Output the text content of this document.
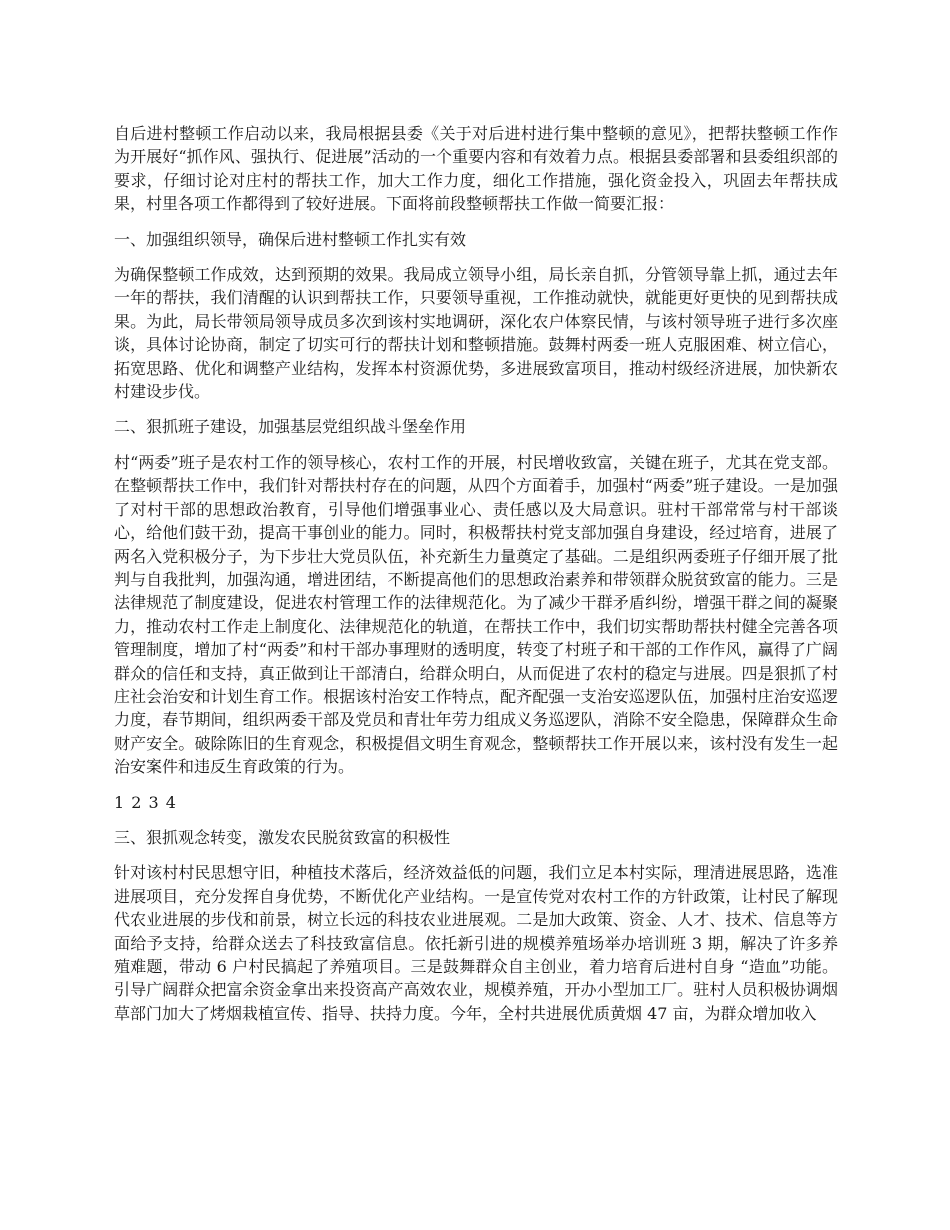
自后进村整顿工作启动以来，我局根据县委《关于对后进村进行集中整顿的意见》，把帮扶整顿工作作为开展好“抓作风、强执行、促进展”活动的一个重要内容和有效着力点。根据县委部署和县委组织部的要求，仔细讨论对庄村的帮扶工作，加大工作力度，细化工作措施，强化资金投入，巩固去年帮扶成果，村里各项工作都得到了较好进展。下面将前段整顿帮扶工作做一简要汇报：

一、加强组织领导，确保后进村整顿工作扎实有效

为确保整顿工作成效，达到预期的效果。我局成立领导小组，局长亲自抓，分管领导靠上抓，通过去年一年的帮扶，我们清醒的认识到帮扶工作，只要领导重视，工作推动就快，就能更好更快的见到帮扶成果。为此，局长带领局领导成员多次到该村实地调研，深化农户体察民情，与该村领导班子进行多次座谈，具体讨论协商，制定了切实可行的帮扶计划和整顿措施。鼓舞村两委一班人克服困难、树立信心，拓宽思路、优化和调整产业结构，发挥本村资源优势，多进展致富项目，推动村级经济进展，加快新农村建设步伐。

二、狠抓班子建设，加强基层党组织战斗堡垒作用

村“两委”班子是农村工作的领导核心，农村工作的开展，村民增收致富，关键在班子，尤其在党支部。在整顿帮扶工作中，我们针对帮扶村存在的问题，从四个方面着手，加强村“两委”班子建设。一是加强了对村干部的思想政治教育，引导他们增强事业心、责任感以及大局意识。驻村干部常常与村干部谈心，给他们鼓干劲，提高干事创业的能力。同时，积极帮扶村党支部加强自身建设，经过培育，进展了两名入党积极分子，为下步壮大党员队伍，补充新生力量奠定了基础。二是组织两委班子仔细开展了批判与自我批判，加强沟通，增进团结，不断提高他们的思想政治素养和带领群众脱贫致富的能力。三是法律规范了制度建设，促进农村管理工作的法律规范化。为了减少干群矛盾纠纷，增强干群之间的凝聚力，推动农村工作走上制度化、法律规范化的轨道，在帮扶工作中，我们切实帮助帮扶村健全完善各项管理制度，增加了村“两委”和村干部办事理财的透明度，转变了村班子和干部的工作作风，赢得了广阔群众的信任和支持，真正做到让干部清白，给群众明白，从而促进了农村的稳定与进展。四是狠抓了村庄社会治安和计划生育工作。根据该村治安工作特点，配齐配强一支治安巡逻队伍，加强村庄治安巡逻力度，春节期间，组织两委干部及党员和青壮年劳力组成义务巡逻队，消除不安全隐患，保障群众生命财产安全。破除陈旧的生育观念，积极提倡文明生育观念，整顿帮扶工作开展以来，该村没有发生一起治安案件和违反生育政策的行为。

1 2 3 4

三、狠抓观念转变，激发农民脱贫致富的积极性

针对该村村民思想守旧，种植技术落后，经济效益低的问题，我们立足本村实际，理清进展思路，选准进展项目，充分发挥自身优势，不断优化产业结构。一是宣传党对农村工作的方针政策，让村民了解现代农业进展的步伐和前景，树立长远的科技农业进展观。二是加大政策、资金、人才、技术、信息等方面给予支持，给群众送去了科技致富信息。依托新引进的规模养殖场举办培训班 3 期，解决了许多养殖难题，带动 6 户村民搞起了养殖项目。三是鼓舞群众自主创业，着力培育后进村自身 “造血”功能。引导广阔群众把富余资金拿出来投资高产高效农业，规模养殖，开办小型加工厂。驻村人员积极协调烟草部门加大了烤烟栽植宣传、指导、扶持力度。今年，全村共进展优质黄烟 47 亩，为群众增加收入
